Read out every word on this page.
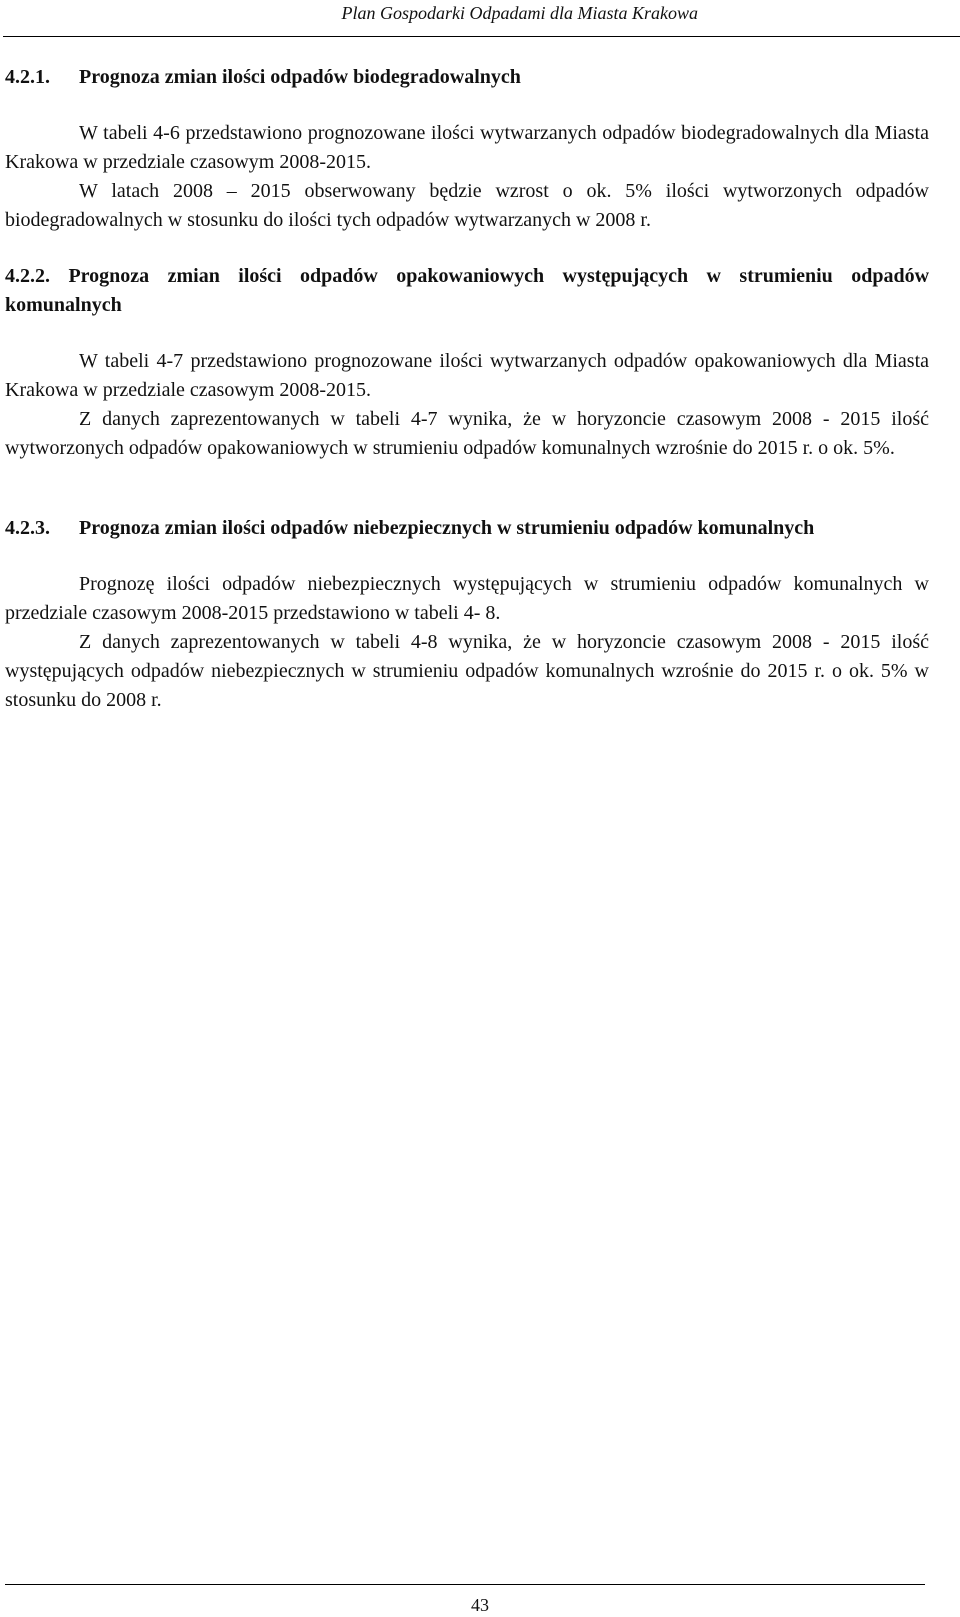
Plan Gospodarki Odpadami dla Miasta Krakowa
4.2.1. Prognoza zmian ilości odpadów biodegradowalnych

W tabeli 4-6 przedstawiono prognozowane ilości wytwarzanych odpadów biodegradowalnych dla Miasta Krakowa w przedziale czasowym 2008-2015.

W latach 2008 – 2015 obserwowany będzie wzrost o ok. 5% ilości wytworzonych odpadów biodegradowalnych w stosunku do ilości tych odpadów wytwarzanych w 2008 r.

4.2.2. Prognoza zmian ilości odpadów opakowaniowych występujących w strumieniu odpadów komunalnych

W tabeli 4-7 przedstawiono prognozowane ilości wytwarzanych odpadów opakowaniowych dla Miasta Krakowa w przedziale czasowym 2008-2015.

Z danych zaprezentowanych w tabeli 4-7 wynika, że w horyzoncie czasowym 2008 - 2015 ilość wytworzonych odpadów opakowaniowych w strumieniu odpadów komunalnych wzrośnie do 2015 r. o ok. 5%.

4.2.3. Prognoza zmian ilości odpadów niebezpiecznych w strumieniu odpadów komunalnych

Prognozę ilości odpadów niebezpiecznych występujących w strumieniu odpadów komunalnych w przedziale czasowym 2008-2015 przedstawiono w tabeli 4- 8.

Z danych zaprezentowanych w tabeli 4-8 wynika, że w horyzoncie czasowym 2008 - 2015 ilość występujących odpadów niebezpiecznych w strumieniu odpadów komunalnych wzrośnie do 2015 r. o ok. 5% w stosunku do 2008 r.

43
